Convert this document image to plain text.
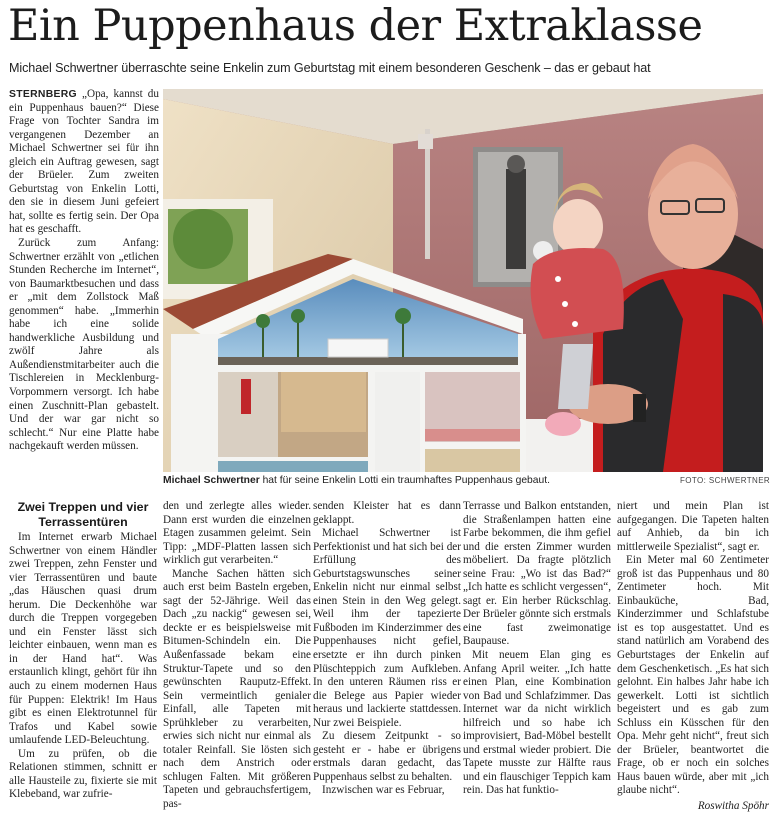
Ein Puppenhaus der Extraklasse
Michael Schwertner überraschte seine Enkelin zum Geburtstag mit einem besonderen Geschenk – das er gebaut hat

STERNBERG „Opa, kannst du ein Puppenhaus bauen?“ Diese Frage von Tochter Sandra im vergangenen Dezember an Michael Schwertner sei für ihn gleich ein Auftrag gewesen, sagt der Brüeler. Zum zweiten Geburtstag von Enkelin Lotti, den sie in diesem Juni gefeiert hat, sollte es fertig sein. Der Opa hat es geschafft.

Zurück zum Anfang: Schwertner erzählt von „etlichen Stunden Recherche im Internet“, von Baumarktbesuchen und dass er „mit dem Zollstock Maß genommen“ habe. „Immerhin habe ich eine solide handwerkliche Ausbildung und zwölf Jahre als Außendienstmitarbeiter auch die Tischlereien in Mecklenburg-Vorpommern versorgt. Ich habe einen Zuschnitt-Plan gebastelt. Und der war gar nicht so schlecht.“ Nur eine Platte habe nachgekauft werden müssen.

Michael Schwertner hat für seine Enkelin Lotti ein traumhaftes Puppenhaus gebaut.	FOTO: SCHWERTNER
Zwei Treppen und vier Terrassentüren

Im Internet erwarb Michael Schwertner von einem Händler zwei Treppen, zehn Fenster und vier Terrassentüren und baute „das Häuschen quasi drum herum. Die Deckenhöhe war durch die Treppen vorgegeben und ein Fenster lässt sich leichter einbauen, wenn man es in der Hand hat“. Was erstaunlich klingt, gehört für ihn auch zu einem modernen Haus für Puppen: Elektrik! Im Haus gibt es einen Elektrotunnel für Trafos und Kabel sowie umlaufende LED-Beleuchtung.

Um zu prüfen, ob die Relationen stimmen, schnitt er alle Hausteile zu, fixierte sie mit Klebeband, war zufrie-

den und zerlegte alles wieder. Dann erst wurden die einzelnen Etagen zusammen geleimt. Sein Tipp: „MDF-Platten lassen sich wirklich gut verarbeiten.“

Manche Sachen hätten sich auch erst beim Basteln ergeben, sagt der 52-Jährige. Weil das Dach „zu nackig“ gewesen sei, deckte er es beispielsweise mit Bitumen-Schindeln ein. Die Außenfassade bekam eine Struktur-Tapete und so den gewünschten Rauputz-Effekt. Sein vermeintlich genialer Einfall, alle Tapeten mit Sprühkleber zu verarbeiten, erwies sich nicht nur einmal als totaler Reinfall. Sie lösten sich nach dem Anstrich oder schlugen Falten. Mit größeren Tapeten und gebrauchsfertigem, pas-

senden Kleister hat es dann geklappt.

Michael Schwertner ist Perfektionist und hat sich bei der Erfüllung des Geburtstagswunsches seiner Enkelin nicht nur einmal selbst einen Stein in den Weg gelegt. Weil ihm der tapezierte Fußboden im Kinderzimmer des Puppenhauses nicht gefiel, ersetzte er ihn durch pinken Plüschteppich zum Aufkleben. In den unteren Räumen riss er die Belege aus Papier wieder heraus und lackierte stattdessen. Nur zwei Beispiele.

Zu diesem Zeitpunkt - so gesteht er - habe er übrigens erstmals daran gedacht, das Puppenhaus selbst zu behalten.

Inzwischen war es Februar,

Terrasse und Balkon entstanden, die Straßenlampen hatten eine Farbe bekommen, die ihm gefiel und die ersten Zimmer wurden möbeliert. Da fragte plötzlich seine Frau: „Wo ist das Bad?“ „Ich hatte es schlicht vergessen“, sagt er. Ein herber Rückschlag. Der Brüeler gönnte sich erstmals eine fast zweimonatige Baupause.

Mit neuem Elan ging es Anfang April weiter. „Ich hatte einen Plan, eine Kombination von Bad und Schlafzimmer. Das Internet war da nicht wirklich hilfreich und so habe ich improvisiert, Bad-Möbel bestellt und erstmal wieder probiert. Die Tapete musste zur Hälfte raus und ein flauschiger Teppich kam rein. Das hat funktio-

niert und mein Plan ist aufgegangen. Die Tapeten halten auf Anhieb, da bin ich mittlerweile Spezialist“, sagt er.

Ein Meter mal 60 Zentimeter groß ist das Puppenhaus und 80 Zentimeter hoch. Mit Einbauküche, Bad, Kinderzimmer und Schlafstube ist es top ausgestattet. Und es stand natürlich am Vorabend des Geburtstages der Enkelin auf dem Geschenketisch. „Es hat sich gelohnt. Ein halbes Jahr habe ich gewerkelt. Lotti ist sichtlich begeistert und es gab zum Schluss ein Küsschen für den Opa. Mehr geht nicht“, freut sich der Brüeler, beantwortet die Frage, ob er noch ein solches Haus bauen würde, aber mit „ich glaube nicht“.

Roswitha Spöhr
